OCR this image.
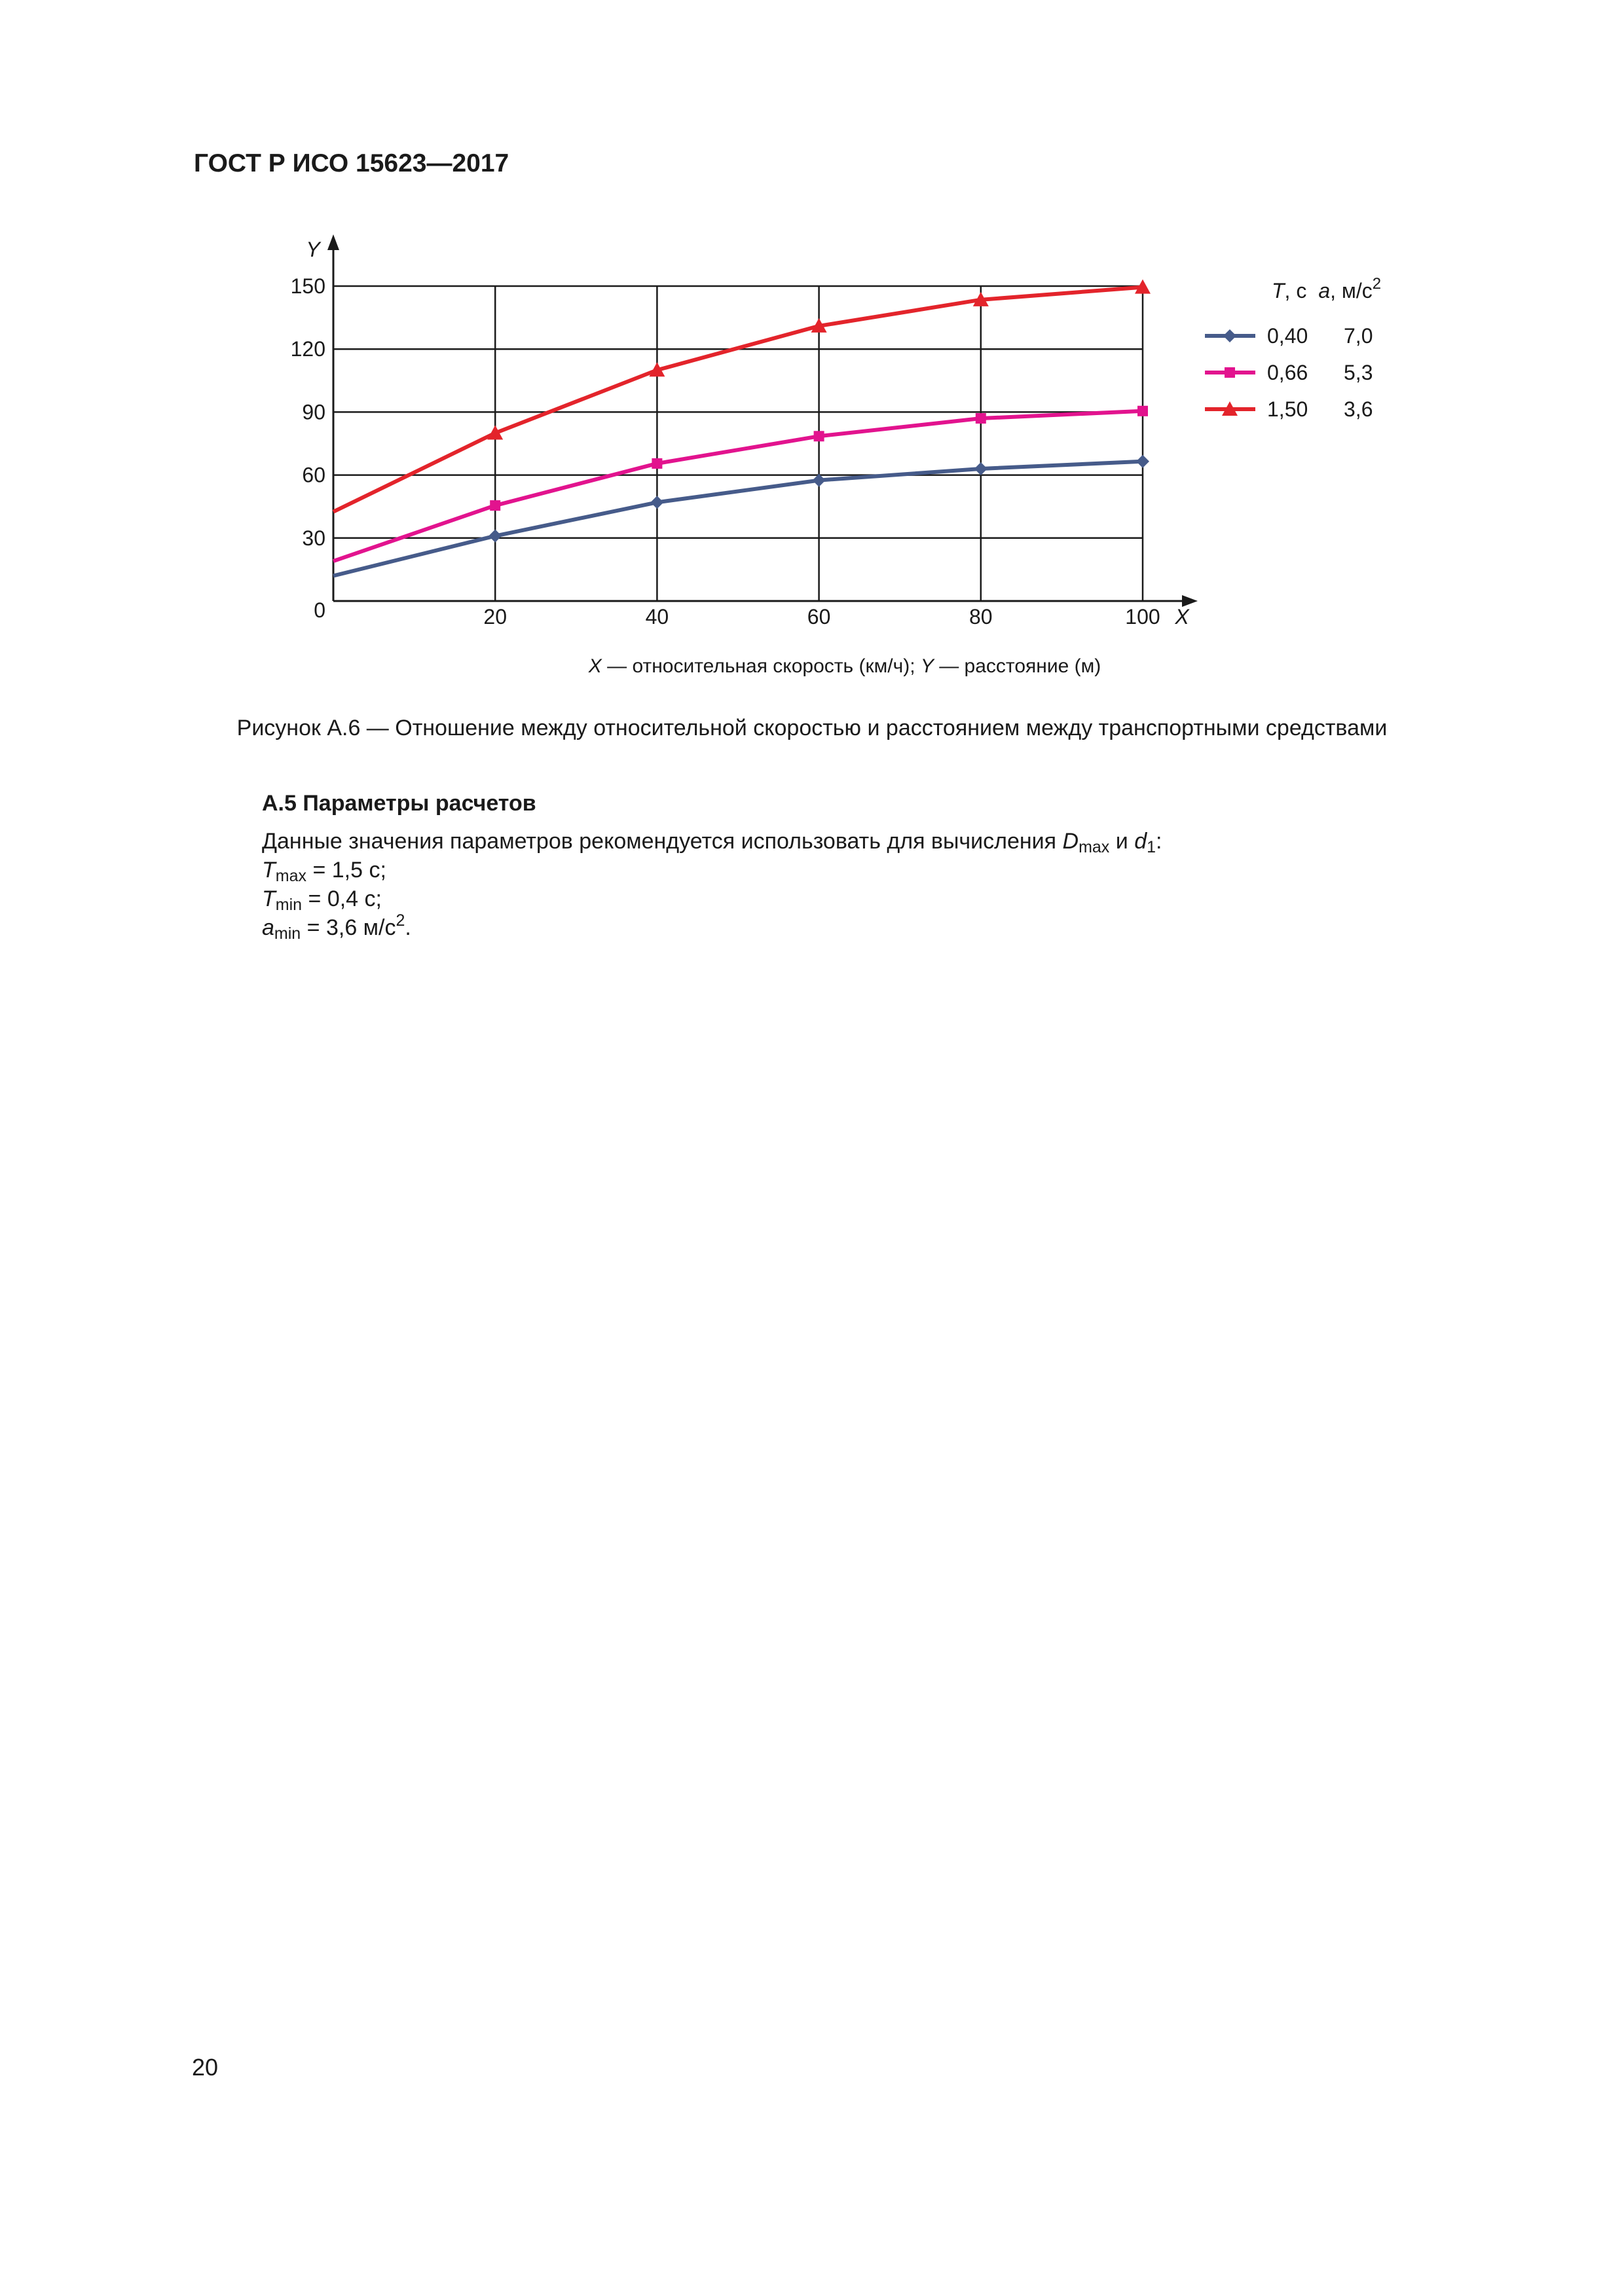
ГОСТ Р ИСО 15623—2017
0
30
60
90
120
150
20	40	60	80	100
Y
X
T, с a, $м/с^2$
0,40 7,0
0,66 5,3
1,50 3,6
X — относительная скорость (км/ч); Y — расстояние (м)
Рисунок А.6 — Отношение между относительной скоростью и расстоянием между транспортными средствами
А.5 Параметры расчетов
Данные значения параметров рекомендуется использовать для вычисления $D_{max}$ и $d_1$:
$T_{max} = 1,5$ с;
$T_{min} = 0,4$ с;
$a_{min} = 3,6$ $м/с^2$.
20
